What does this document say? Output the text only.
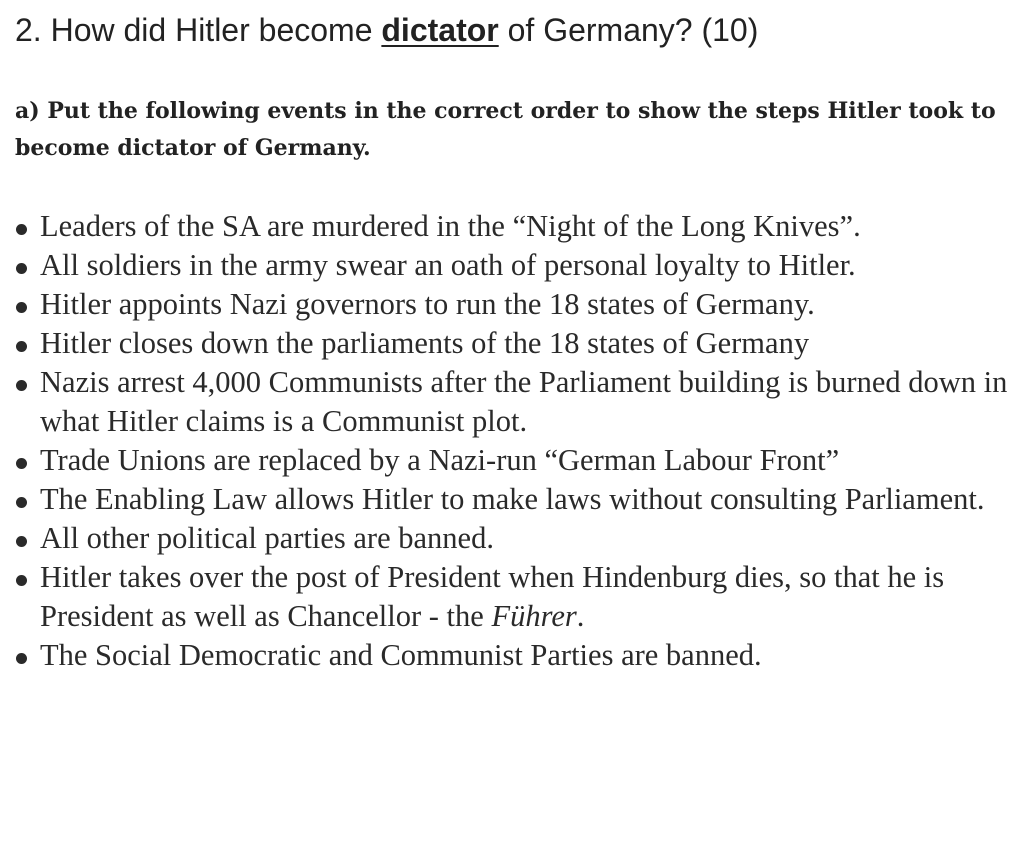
2. How did Hitler become dictator of Germany? (10)

a) Put the following events in the correct order to show the steps Hitler took to become dictator of Germany.

Leaders of the SA are murdered in the “Night of the Long Knives”.
All soldiers in the army swear an oath of personal loyalty to Hitler.
Hitler appoints Nazi governors to run the 18 states of Germany.
Hitler closes down the parliaments of the 18 states of Germany
Nazis arrest 4,000 Communists after the Parliament building is burned down in what Hitler claims is a Communist plot.
Trade Unions are replaced by a Nazi-run “German Labour Front”
The Enabling Law allows Hitler to make laws without consulting Parliament.
All other political parties are banned.
Hitler takes over the post of President when Hindenburg dies, so that he is President as well as Chancellor - the Führer.
The Social Democratic and Communist Parties are banned.
